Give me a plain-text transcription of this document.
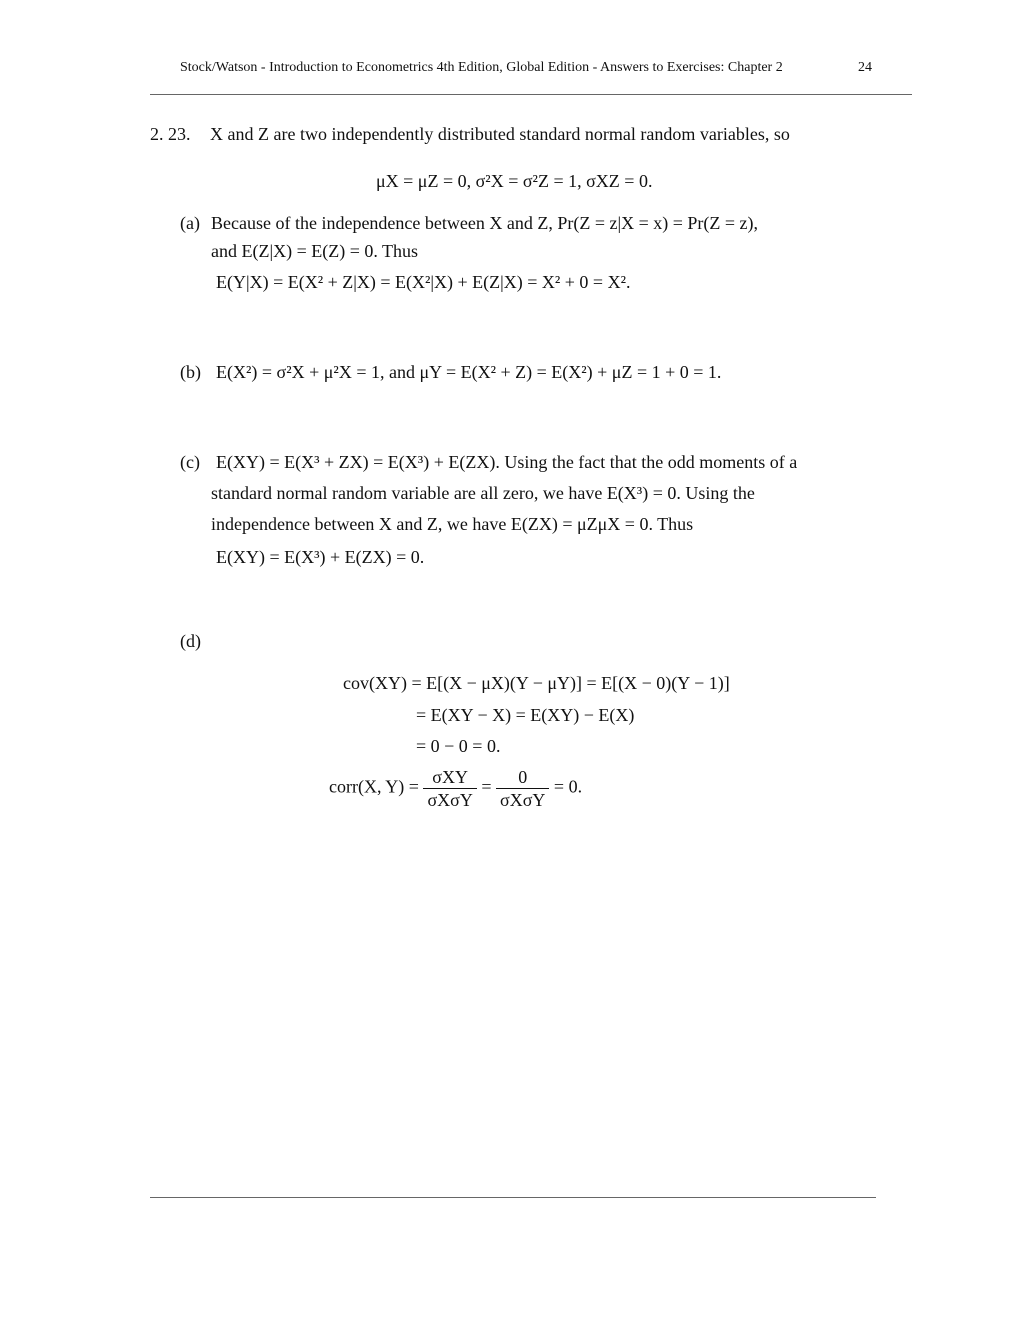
Stock/Watson - Introduction to Econometrics 4th Edition, Global Edition - Answers to Exercises: Chapter 2	24
2. 23. X and Z are two independently distributed standard normal random variables, so
μX = μZ = 0, σ²X = σ²Z = 1, σXZ = 0.
(a) Because of the independence between X and Z, Pr(Z = z|X = x) = Pr(Z = z),
and E(Z|X) = E(Z) = 0. Thus
E(Y|X) = E(X² + Z|X) = E(X²|X) + E(Z|X) = X² + 0 = X².
(b) E(X²) = σ²X + μ²X = 1, and μY = E(X² + Z) = E(X²) + μZ = 1 + 0 = 1.
(c) E(XY) = E(X³ + ZX) = E(X³) + E(ZX). Using the fact that the odd moments of a
standard normal random variable are all zero, we have E(X³) = 0. Using the
independence between X and Z, we have E(ZX) = μZμX = 0. Thus
E(XY) = E(X³) + E(ZX) = 0.
(d)
cov(XY) = E[(X − μX)(Y − μY)] = E[(X − 0)(Y − 1)]
= E(XY − X) = E(XY) − E(X)
= 0 − 0 = 0.
corr(X, $Y) = \frac{\text{σXY}}{\text{σXσY}} = \frac{0}{\text{σXσY}} = 0$.
